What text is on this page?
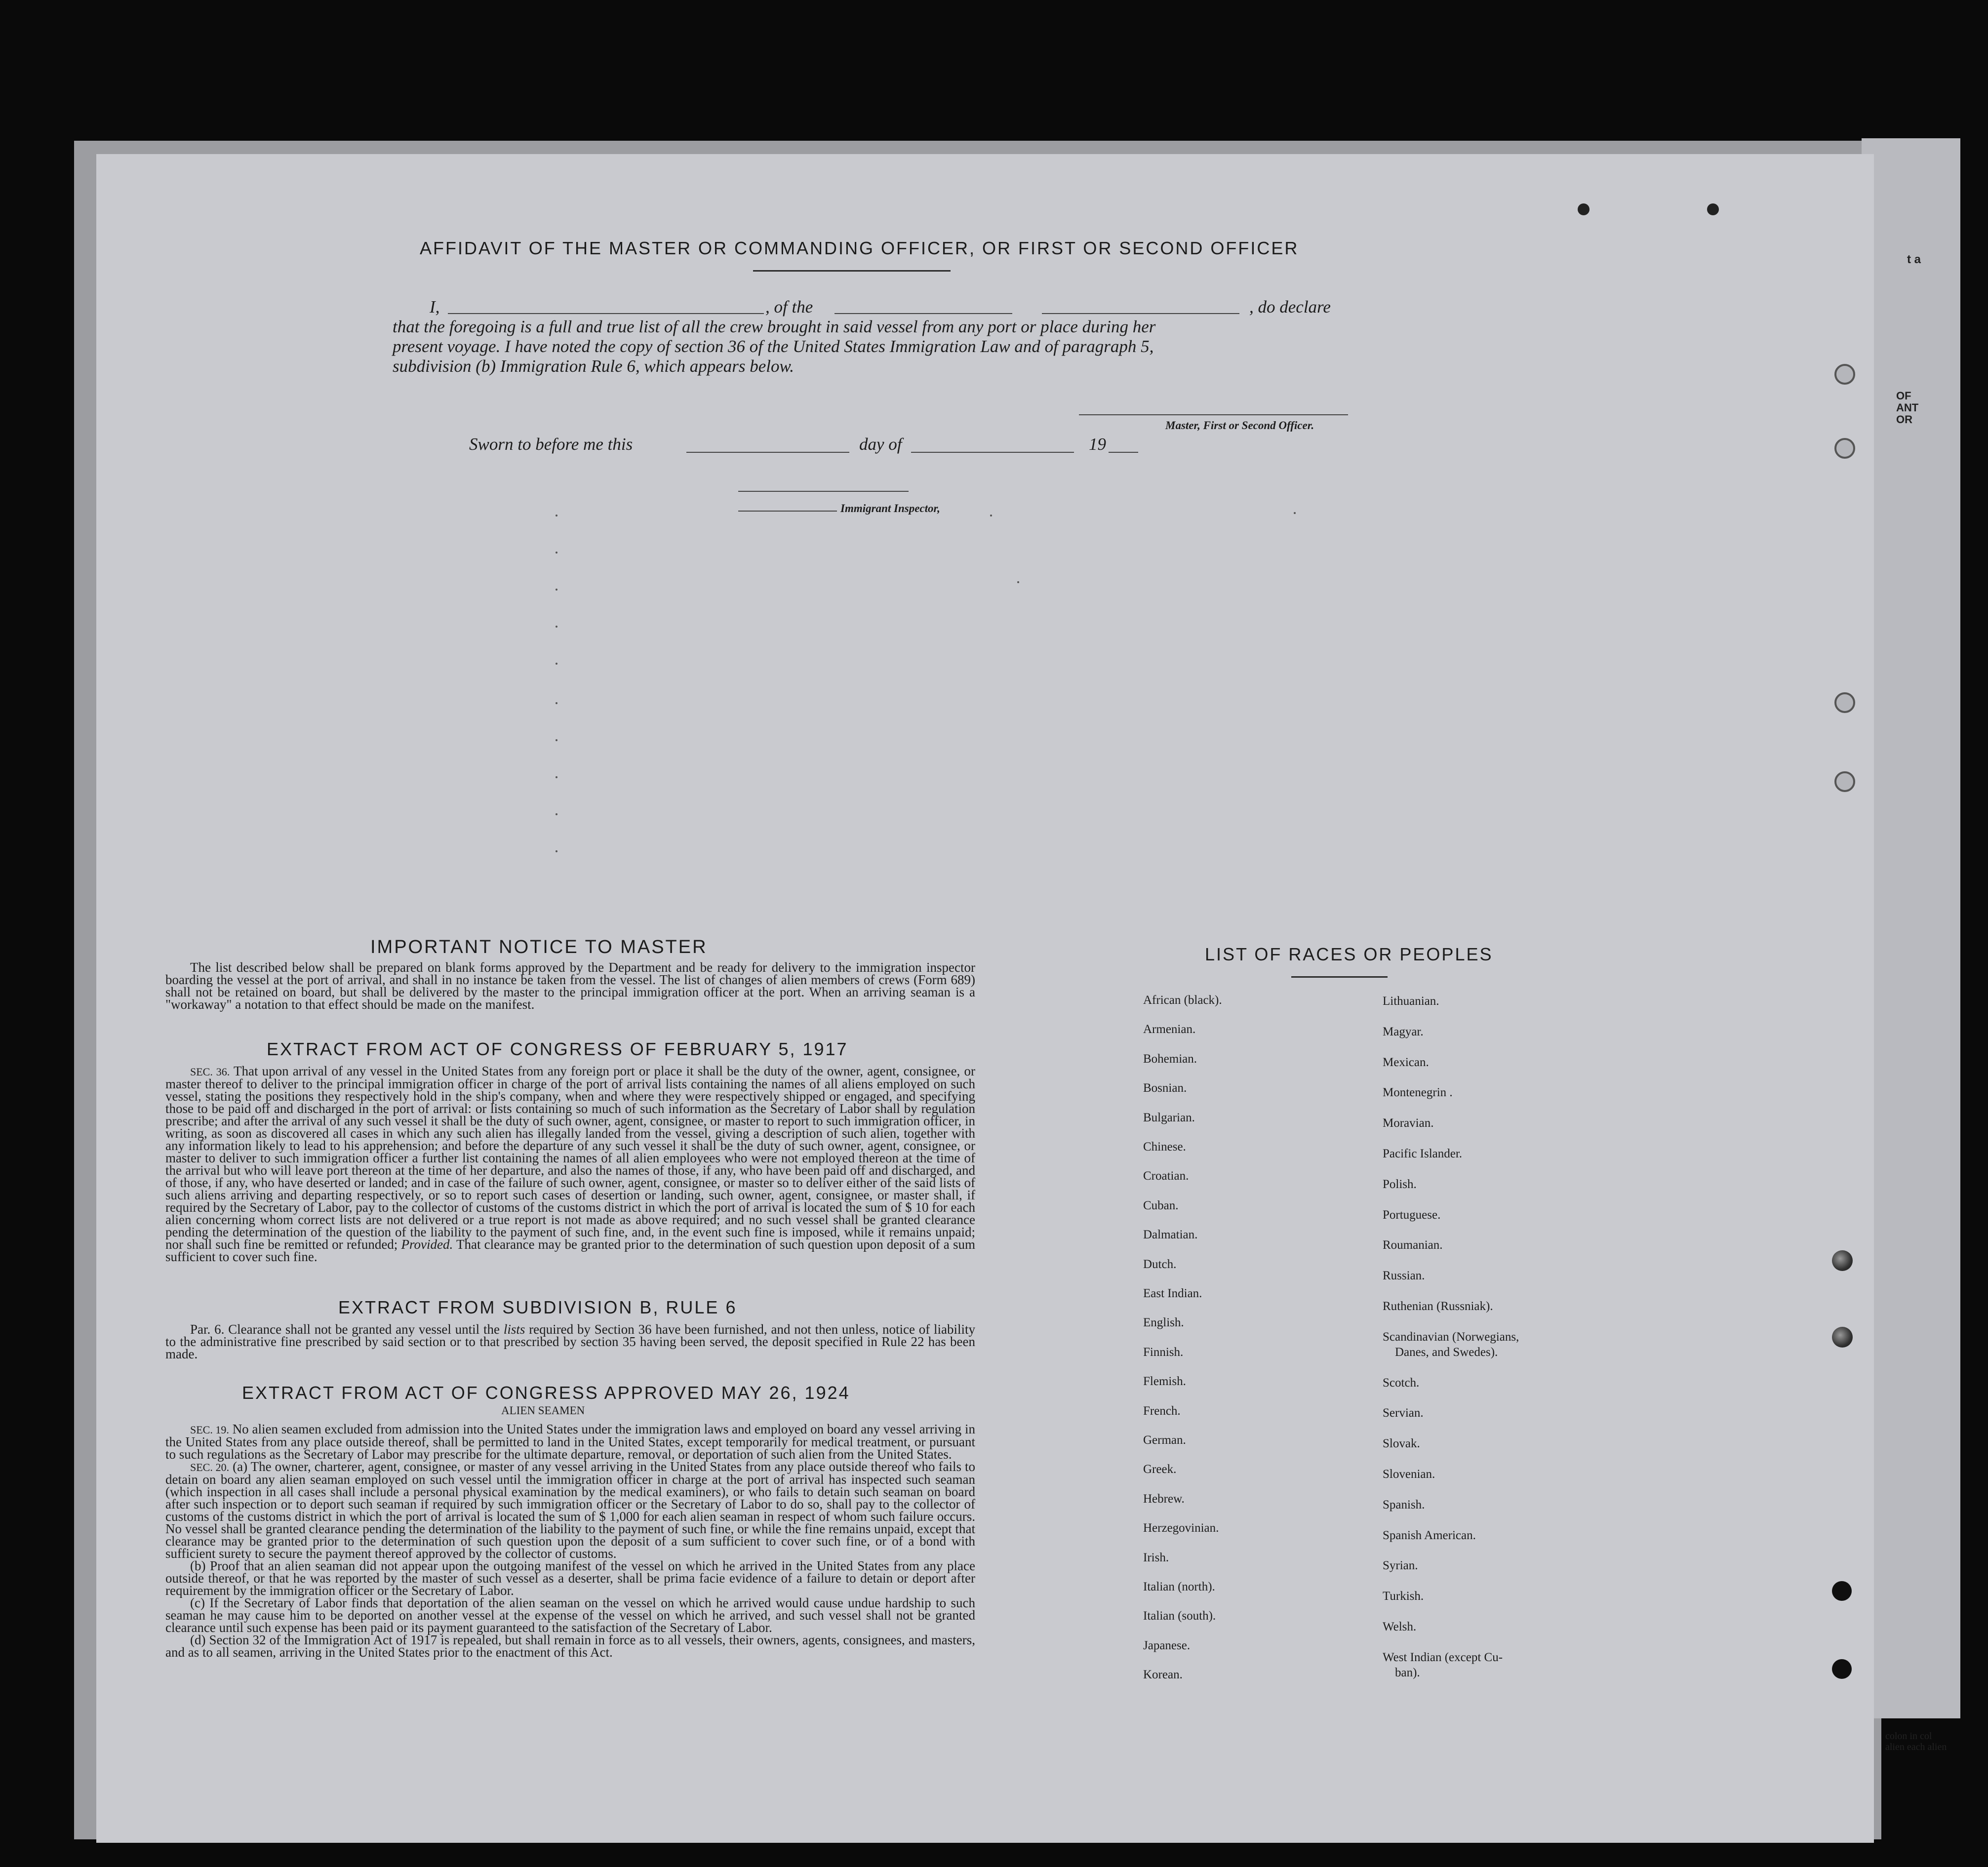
t a
OF
ANT
OR
colon in col
alien each alien
AFFIDAVIT OF THE MASTER OR COMMANDING OFFICER, OR FIRST OR SECOND OFFICER
I,	, of the	, do declare
that the foregoing is a full and true list of all the crew brought in said vessel from any port or place during her
present voyage. I have noted the copy of section 36 of the United States Immigration Law and of paragraph 5,
subdivision (b) Immigration Rule 6, which appears below.
Master, First or Second Officer.
Sworn to before me this	day of	19
Immigrant Inspector,
IMPORTANT NOTICE TO MASTER
The list described below shall be prepared on blank forms approved by the Department and be ready for delivery to the immigration inspector boarding the vessel at the port of arrival, and shall in no instance be taken from the vessel. The list of changes of alien members of crews (Form 689) shall not be retained on board, but shall be delivered by the master to the principal immigration officer at the port. When an arriving seaman is a "workaway" a notation to that effect should be made on the manifest.
EXTRACT FROM ACT OF CONGRESS OF FEBRUARY 5, 1917
SEC. 36. That upon arrival of any vessel in the United States from any foreign port or place it shall be the duty of the owner, agent, consignee, or master thereof to deliver to the principal immigration officer in charge of the port of arrival lists containing the names of all aliens employed on such vessel, stating the positions they respectively hold in the ship's company, when and where they were respectively shipped or engaged, and specifying those to be paid off and discharged in the port of arrival: or lists containing so much of such information as the Secretary of Labor shall by regulation prescribe; and after the arrival of any such vessel it shall be the duty of such owner, agent, consignee, or master to report to such immigration officer, in writing, as soon as discovered all cases in which any such alien has illegally landed from the vessel, giving a description of such alien, together with any information likely to lead to his apprehension; and before the departure of any such vessel it shall be the duty of such owner, agent, consignee, or master to deliver to such immigration officer a further list containing the names of all alien employees who were not employed thereon at the time of the arrival but who will leave port thereon at the time of her departure, and also the names of those, if any, who have been paid off and discharged, and of those, if any, who have deserted or landed; and in case of the failure of such owner, agent, consignee, or master so to deliver either of the said lists of such aliens arriving and departing respectively, or so to report such cases of desertion or landing, such owner, agent, consignee, or master shall, if required by the Secretary of Labor, pay to the collector of customs of the customs district in which the port of arrival is located the sum of $ 10 for each alien concerning whom correct lists are not delivered or a true report is not made as above required; and no such vessel shall be granted clearance pending the determination of the question of the liability to the payment of such fine, and, in the event such fine is imposed, while it remains unpaid; nor shall such fine be remitted or refunded; Provided. That clearance may be granted prior to the determination of such question upon deposit of a sum sufficient to cover such fine.
EXTRACT FROM SUBDIVISION B, RULE 6
Par. 6. Clearance shall not be granted any vessel until the lists required by Section 36 have been furnished, and not then unless, notice of liability to the administrative fine prescribed by said section or to that prescribed by section 35 having been served, the deposit specified in Rule 22 has been made.
EXTRACT FROM ACT OF CONGRESS APPROVED MAY 26, 1924
ALIEN SEAMEN
SEC. 19. No alien seamen excluded from admission into the United States under the immigration laws and employed on board any vessel arriving in the United States from any place outside thereof, shall be permitted to land in the United States, except temporarily for medical treatment, or pursuant to such regulations as the Secretary of Labor may prescribe for the ultimate departure, removal, or deportation of such alien from the United States.
SEC. 20. (a) The owner, charterer, agent, consignee, or master of any vessel arriving in the United States from any place outside thereof who fails to detain on board any alien seaman employed on such vessel until the immigration officer in charge at the port of arrival has inspected such seaman (which inspection in all cases shall include a personal physical examination by the medical examiners), or who fails to detain such seaman on board after such inspection or to deport such seaman if required by such immigration officer or the Secretary of Labor to do so, shall pay to the collector of customs of the customs district in which the port of arrival is located the sum of $ 1,000 for each alien seaman in respect of whom such failure occurs. No vessel shall be granted clearance pending the determination of the liability to the payment of such fine, or while the fine remains unpaid, except that clearance may be granted prior to the determination of such question upon the deposit of a sum sufficient to cover such fine, or of a bond with sufficient surety to secure the payment thereof approved by the collector of customs.
(b) Proof that an alien seaman did not appear upon the outgoing manifest of the vessel on which he arrived in the United States from any place outside thereof, or that he was reported by the master of such vessel as a deserter, shall be prima facie evidence of a failure to detain or deport after requirement by the immigration officer or the Secretary of Labor.
(c) If the Secretary of Labor finds that deportation of the alien seaman on the vessel on which he arrived would cause undue hardship to such seaman he may cause him to be deported on another vessel at the expense of the vessel on which he arrived, and such vessel shall not be granted clearance until such expense has been paid or its payment guaranteed to the satisfaction of the Secretary of Labor.
(d) Section 32 of the Immigration Act of 1917 is repealed, but shall remain in force as to all vessels, their owners, agents, consignees, and masters, and as to all seamen, arriving in the United States prior to the enactment of this Act.
LIST OF RACES OR PEOPLES
African (black).
Armenian.
Bohemian.
Bosnian.
Bulgarian.
Chinese.
Croatian.
Cuban.
Dalmatian.
Dutch.
East Indian.
English.
Finnish.
Flemish.
French.
German.
Greek.
Hebrew.
Herzegovinian.
Irish.
Italian (north).
Italian (south).
Japanese.
Korean.
Lithuanian.
Magyar.
Mexican.
Montenegrin .
Moravian.
Pacific Islander.
Polish.
Portuguese.
Roumanian.
Russian.
Ruthenian (Russniak).
Scandinavian (Norwegians,
Danes, and Swedes).
Scotch.
Servian.
Slovak.
Slovenian.
Spanish.
Spanish American.
Syrian.
Turkish.
Welsh.
West Indian (except Cu-
ban).
